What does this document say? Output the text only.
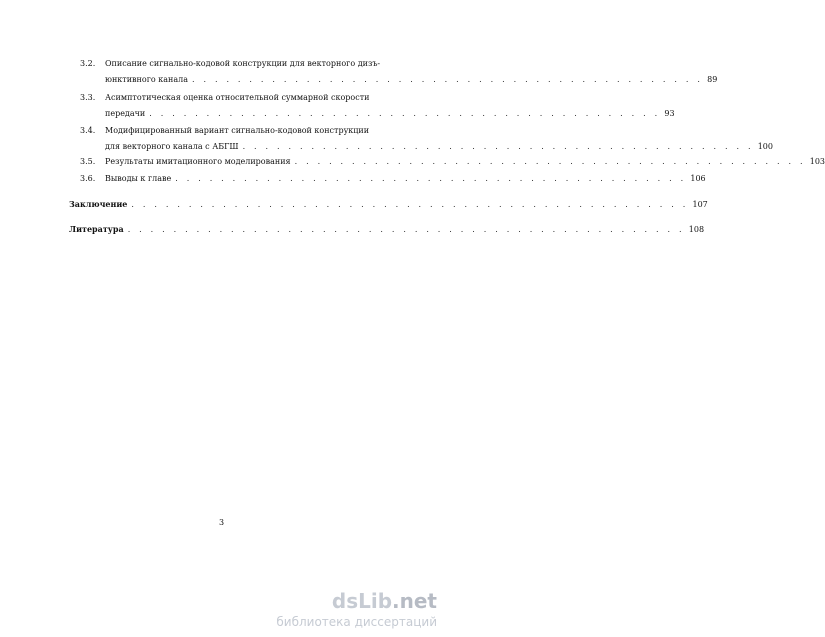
3.2. Описание сигнально-кодовой конструкции для векторного дизъ-
юнктивного канала . . . . . . . . . . . . . . . . . . . . . . . . . . . . . . . . . . . . . . . . . . . . . 89
3.3. Асимптотическая оценка относительной суммарной скорости
передачи . . . . . . . . . . . . . . . . . . . . . . . . . . . . . . . . . . . . . . . . . . . . . 93
3.4. Модифицированный вариант сигнально-кодовой конструкции
для векторного канала с АБГШ . . . . . . . . . . . . . . . . . . . . . . . . . . . . . . . . . . . . . . . . . . . . . 100
3.5. Результаты имитационного моделирования . . . . . . . . . . . . . . . . . . . . . . . . . . . . . . . . . . . . . . . . . . . . . 103
3.6. Выводы к главе . . . . . . . . . . . . . . . . . . . . . . . . . . . . . . . . . . . . . . . . . . . . . 106
Заключение . . . . . . . . . . . . . . . . . . . . . . . . . . . . . . . . . . . . . . . . . . . . . . . . . 107
Литература . . . . . . . . . . . . . . . . . . . . . . . . . . . . . . . . . . . . . . . . . . . . . . . . . 108
3
dsLib.net
библиотека диссертаций
